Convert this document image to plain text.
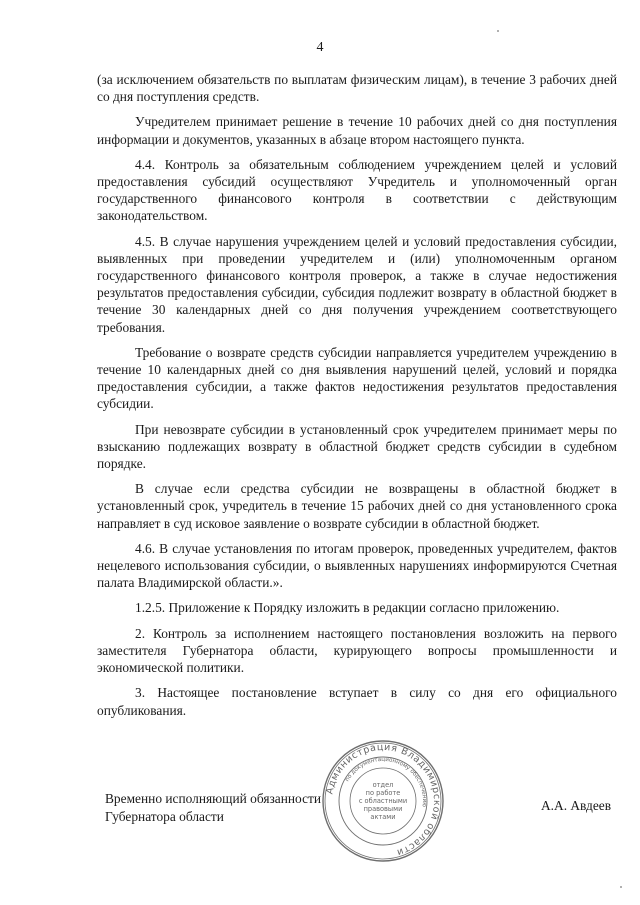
4

(за исключением обязательств по выплатам физическим лицам), в течение 3 рабочих дней со дня поступления средств.

Учредителем принимает решение в течение 10 рабочих дней со дня поступления информации и документов, указанных в абзаце втором настоящего пункта.

4.4. Контроль за обязательным соблюдением учреждением целей и условий предоставления субсидий осуществляют Учредитель и уполномоченный орган государственного финансового контроля в соответствии с действующим законодательством.

4.5. В случае нарушения учреждением целей и условий предоставления субсидии, выявленных при проведении учредителем и (или) уполномоченным органом государственного финансового контроля проверок, а также в случае недостижения результатов предоставления субсидии, субсидия подлежит возврату в областной бюджет в течение 30 календарных дней со дня получения учреждением соответствующего требования.

Требование о возврате средств субсидии направляется учредителем учреждению в течение 10 календарных дней со дня выявления нарушений целей, условий и порядка предоставления субсидии, а также фактов недостижения результатов предоставления субсидии.

При невозврате субсидии в установленный срок учредителем принимает меры по взысканию подлежащих возврату в областной бюджет средств субсидии в судебном порядке.

В случае если средства субсидии не возвращены в областной бюджет в установленный срок, учредитель в течение 15 рабочих дней со дня установленного срока направляет в суд исковое заявление о возврате субсидии в областной бюджет.

4.6. В случае установления по итогам проверок, проведенных учредителем, фактов нецелевого использования субсидии, о выявленных нарушениях информируются Счетная палата Владимирской области.».

1.2.5. Приложение к Порядку изложить в редакции согласно приложению.

2. Контроль за исполнением настоящего постановления возложить на первого заместителя Губернатора области, курирующего вопросы промышленности и экономической политики.

3. Настоящее постановление вступает в силу со дня его официального опубликования.

Временно исполняющий обязанности
Губернатора области
А.А. Авдеев
Администрация Владимирской области
по документационному обеспечению
отдел
по работе
с областными
правовыми
актами
